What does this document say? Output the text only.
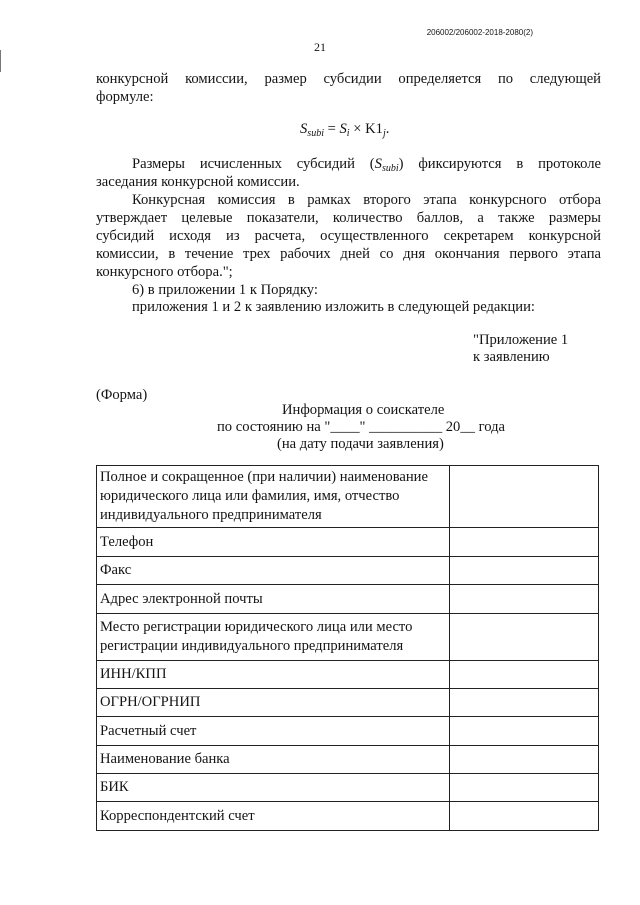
206002/206002-2018-2080(2)
21
конкурсной комиссии, размер субсидии определяется по следующей
формуле:
$S_{subi} = S_i \times K1_j$.
Размеры исчисленных субсидий $(S_{subi})$ фиксируются в протоколе
заседания конкурсной комиссии.
Конкурсная комиссия в рамках второго этапа конкурсного отбора
утверждает целевые показатели, количество баллов, а также размеры
субсидий исходя из расчета, осуществленного секретарем конкурсной
комиссии, в течение трех рабочих дней со дня окончания первого этапа
конкурсного отбора.";
6) в приложении 1 к Порядку:
приложения 1 и 2 к заявлению изложить в следующей редакции:
"Приложение 1
к заявлению
(Форма)
Информация о соискателе
по состоянию на "____" __________ 20__ года
(на дату подачи заявления)
Полное и сокращенное (при наличии) наименование юридического лица или фамилия, имя, отчество индивидуального предпринимателя	
Телефон	
Факс	
Адрес электронной почты	
Место регистрации юридического лица или место регистрации индивидуального предпринимателя	
ИНН/КПП	
ОГРН/ОГРНИП	
Расчетный счет	
Наименование банка	
БИК	
Корреспондентский счет	
